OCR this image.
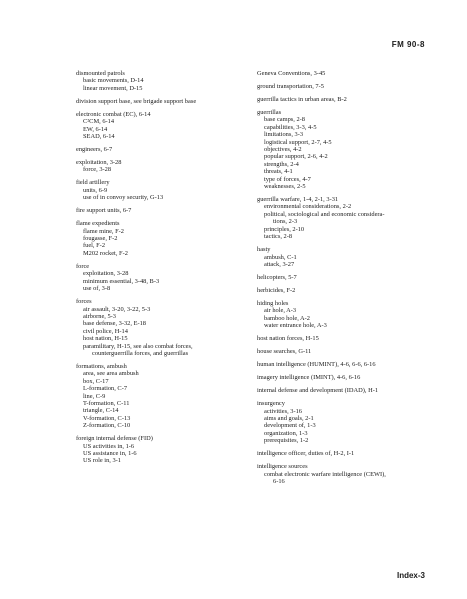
FM 90-8
dismounted patrols
basic movements, D-14
linear movement, D-15
division support base, see brigade support base
electronic combat (EC), 6-14
C²CM, 6-14
EW, 6-14
SEAD, 6-14
engineers, 6-7
exploitation, 3-28
force, 3-28
field artillery
units, 6-9
use of in convoy security, G-13
fire support units, 6-7
flame expedients
flame mine, F-2
fougasse, F-2
fuel, F-2
M202 rocket, F-2
force
exploitation, 3-28
minimum essential, 3-48, B-3
use of, 3-8
forces
air assault, 3-20, 3-22, 5-3
airborne, 5-3
base defense, 3-32, E-18
civil police, H-14
host nation, H-15
paramilitary, H-15, see also combat forces,
counterguerrilla forces, and guerrillas
formations, ambush
area, see area ambush
box, C-17
L-formation, C-7
line, C-9
T-formation, C-11
triangle, C-14
V-formation, C-13
Z-formation, C-10
foreign internal defense (FID)
US activities in, 1-6
US assistance in, 1-6
US role in, 3-1
Geneva Conventions, 3-45
ground transportation, 7-5
guerrilla tactics in urban areas, B-2
guerrillas
base camps, 2-8
capabilities, 3-3, 4-5
limitations, 3-3
logistical support, 2-7, 4-5
objectives, 4-2
popular support, 2-6, 4-2
strengths, 2-4
threats, 4-1
type of forces, 4-7
weaknesses, 2-5
guerrilla warfare, 1-4, 2-1, 3-31
environmental considerations, 2-2
political, sociological and economic considera-
tions, 2-3
principles, 2-10
tactics, 2-8
hasty
ambush, C-1
attack, 3-27
helicopters, 5-7
herbicides, F-2
hiding holes
air hole, A-3
bamboo hole, A-2
water entrance hole, A-3
host nation forces, H-15
house searches, G-11
human intelligence (HUMINT), 4-6, 6-6, 6-16
imagery intelligence (IMINT), 4-6, 6-16
internal defense and development (IDAD), H-1
insurgency
activities, 3-16
aims and goals, 2-1
development of, 1-3
organization, 1-3
prerequisites, 1-2
intelligence officer, duties of, H-2, I-1
intelligence sources
combat electronic warfare intelligence (CEWI),
6-16
Index-3
